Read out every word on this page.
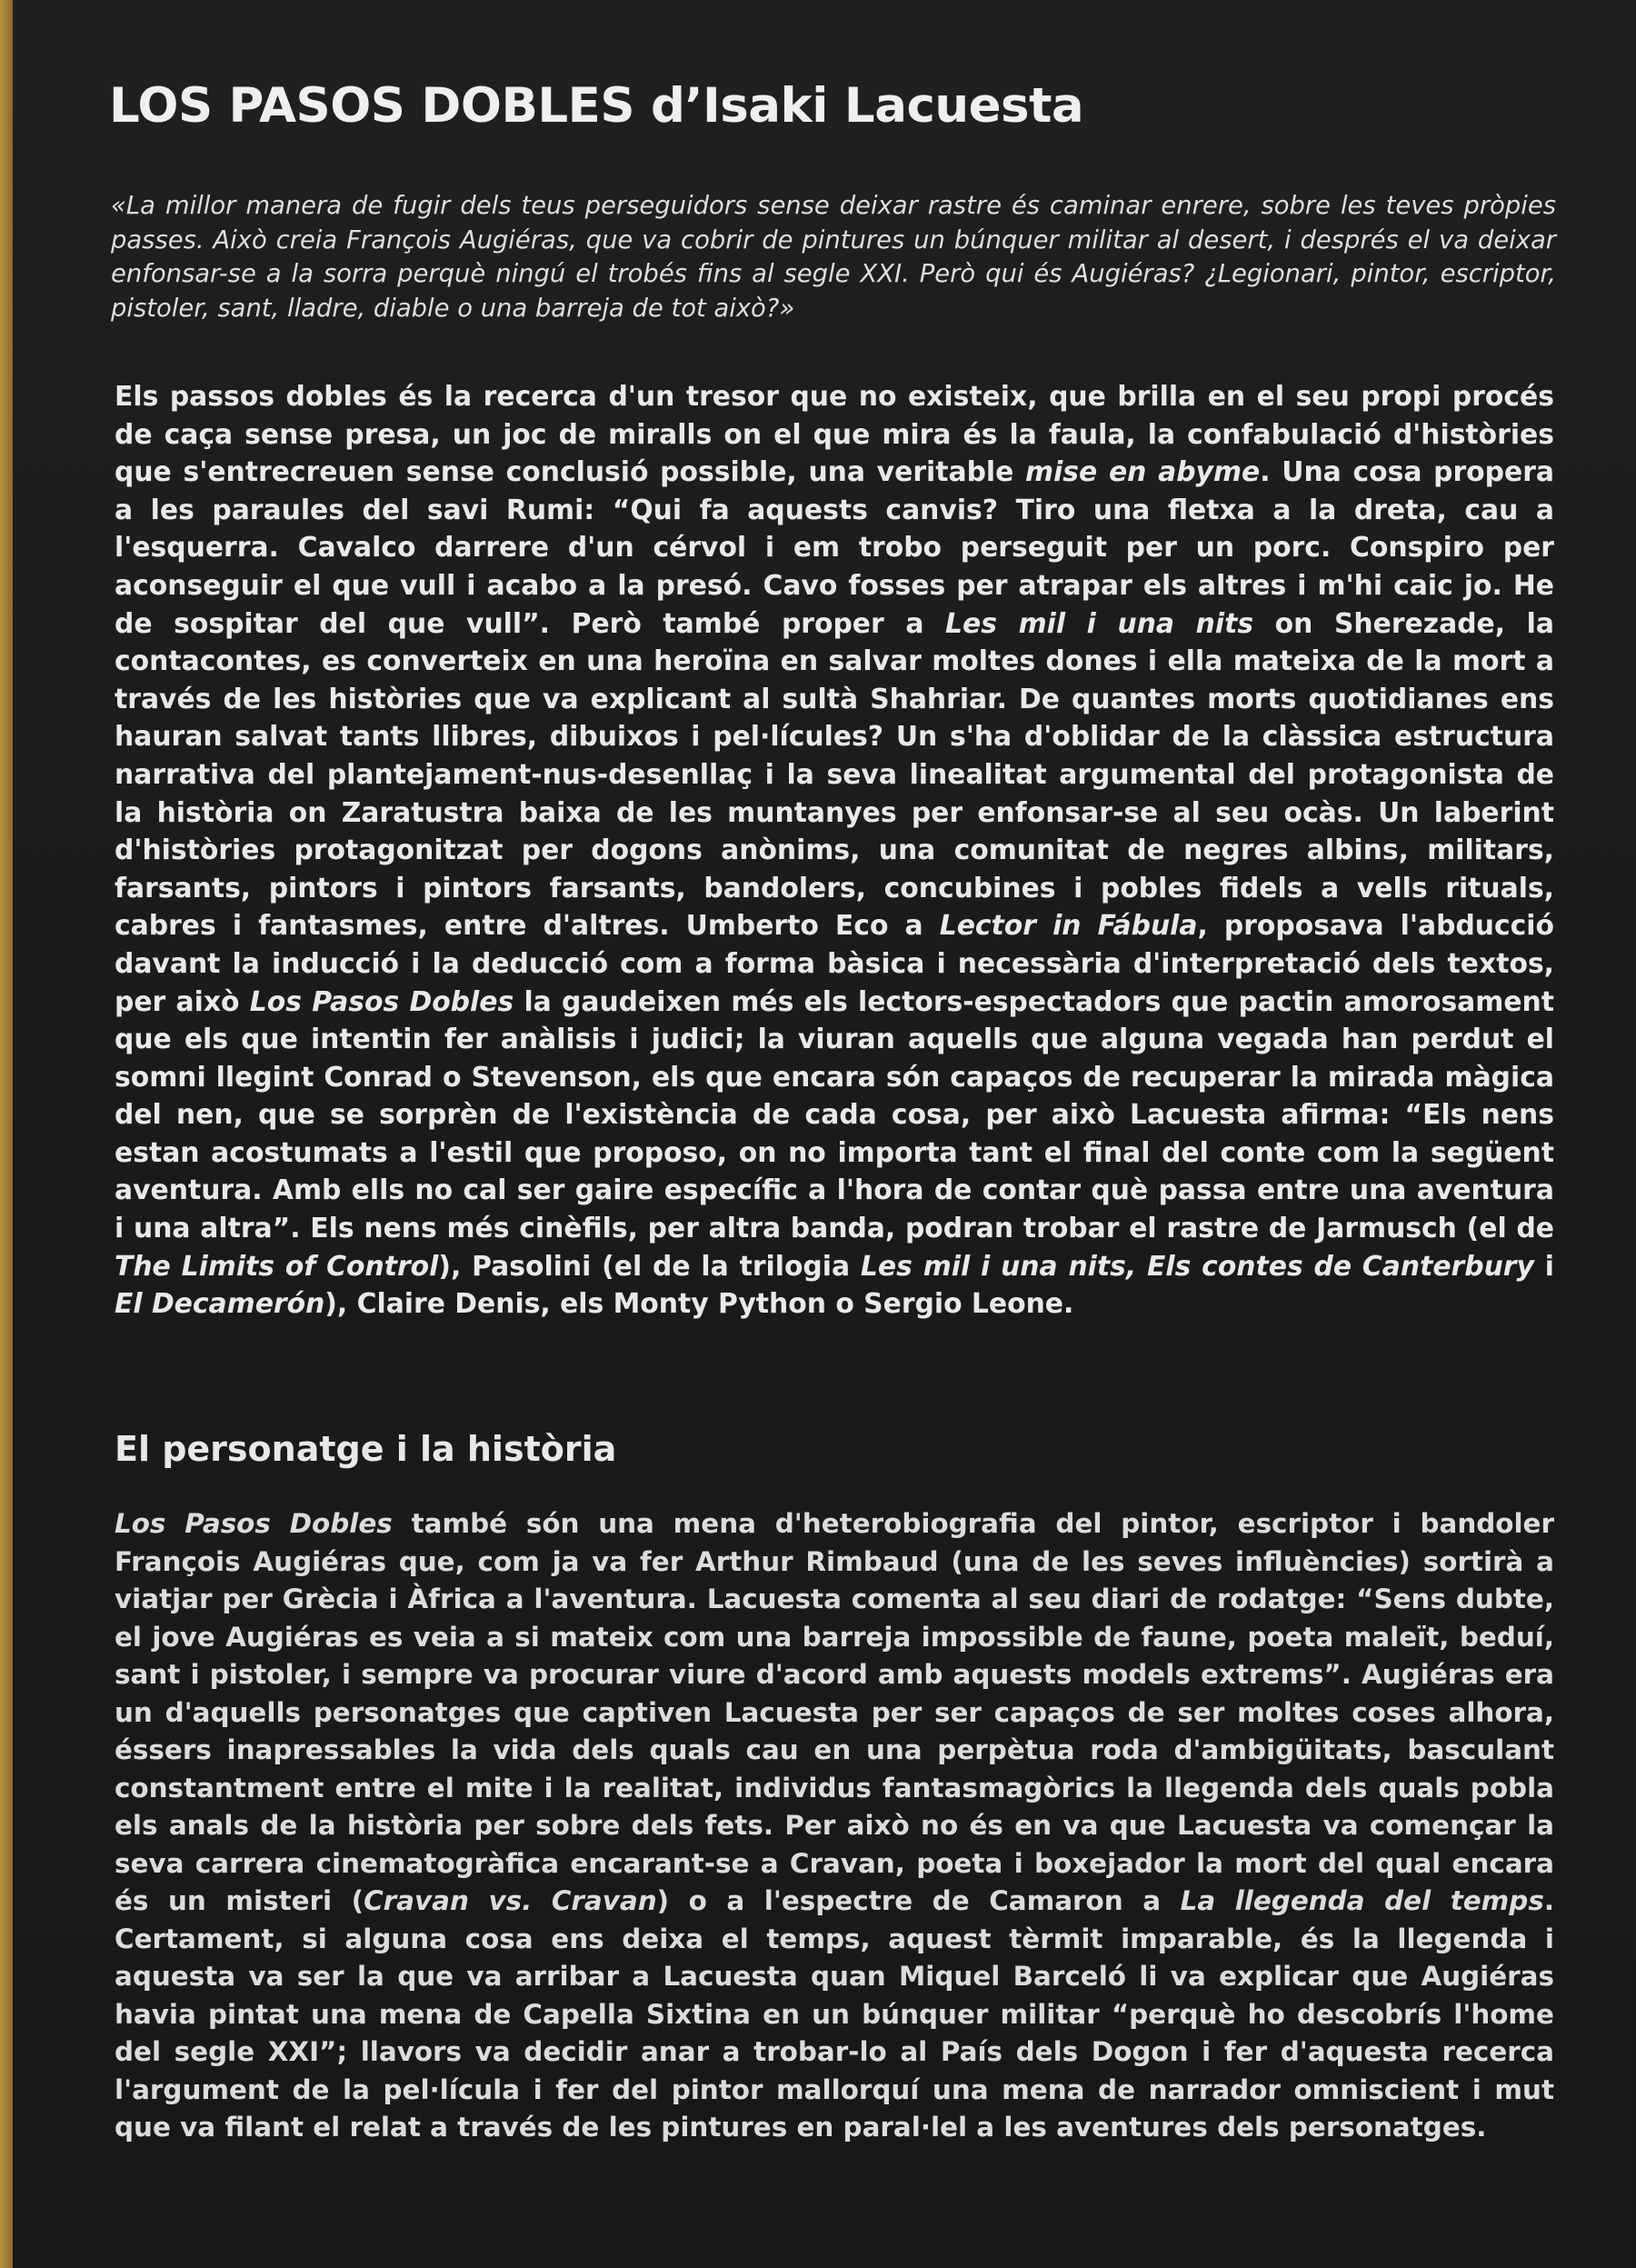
LOS PASOS DOBLES d’Isaki Lacuesta

«La millor manera de fugir dels teus perseguidors sense deixar rastre és caminar enrere, sobre les teves pròpies passes. Això creia François Augiéras, que va cobrir de pintures un búnquer militar al desert, i després el va deixar enfonsar-se a la sorra perquè ningú el trobés fins al segle XXI. Però qui és Augiéras? ¿Legionari, pintor, escriptor, pistoler, sant, lladre, diable o una barreja de tot això?»

Els passos dobles és la recerca d'un tresor que no existeix, que brilla en el seu propi procés de caça sense presa, un joc de miralls on el que mira és la faula, la confabulació d'històries que s'entrecreuen sense conclusió possible, una veritable mise en abyme. Una cosa propera a les paraules del savi Rumi: “Qui fa aquests canvis? Tiro una fletxa a la dreta, cau a l'esquerra. Cavalco darrere d'un cérvol i em trobo perseguit per un porc. Conspiro per aconseguir el que vull i acabo a la presó. Cavo fosses per atrapar els altres i m'hi caic jo. He de sospitar del que vull”. Però també proper a Les mil i una nits on Sherezade, la contacontes, es converteix en una heroïna en salvar moltes dones i ella mateixa de la mort a través de les històries que va explicant al sultà Shahriar. De quantes morts quotidianes ens hauran salvat tants llibres, dibuixos i pel·lícules? Un s'ha d'oblidar de la clàssica estructura narrativa del plantejament-nus-desenllaç i la seva linealitat argumental del protagonista de la història on Zaratustra baixa de les muntanyes per enfonsar-se al seu ocàs. Un laberint d'històries protagonitzat per dogons anònims, una comunitat de negres albins, militars, farsants, pintors i pintors farsants, bandolers, concubines i pobles fidels a vells rituals, cabres i fantasmes, entre d'altres. Umberto Eco a Lector in Fábula, proposava l'abducció davant la inducció i la deducció com a forma bàsica i necessària d'interpretació dels textos, per això Los Pasos Dobles la gaudeixen més els lectors-espectadors que pactin amorosament que els que intentin fer anàlisis i judici; la viuran aquells que alguna vegada han perdut el somni llegint Conrad o Stevenson, els que encara són capaços de recuperar la mirada màgica del nen, que se sorprèn de l'existència de cada cosa, per això Lacuesta afirma: “Els nens estan acostumats a l'estil que proposo, on no importa tant el final del conte com la següent aventura. Amb ells no cal ser gaire específic a l'hora de contar què passa entre una aventura i una altra”. Els nens més cinèfils, per altra banda, podran trobar el rastre de Jarmusch (el de The Limits of Control), Pasolini (el de la trilogia Les mil i una nits, Els contes de Canterbury i El Decamerón), Claire Denis, els Monty Python o Sergio Leone.

El personatge i la història

Los Pasos Dobles també són una mena d'heterobiografia del pintor, escriptor i bandoler François Augiéras que, com ja va fer Arthur Rimbaud (una de les seves influències) sortirà a viatjar per Grècia i Àfrica a l'aventura. Lacuesta comenta al seu diari de rodatge: “Sens dubte, el jove Augiéras es veia a si mateix com una barreja impossible de faune, poeta maleït, beduí, sant i pistoler, i sempre va procurar viure d'acord amb aquests models extrems”. Augiéras era un d'aquells personatges que captiven Lacuesta per ser capaços de ser moltes coses alhora, éssers inapressables la vida dels quals cau en una perpètua roda d'ambigüitats, basculant constantment entre el mite i la realitat, individus fantasmagòrics la llegenda dels quals pobla els anals de la història per sobre dels fets. Per això no és en va que Lacuesta va començar la seva carrera cinematogràfica encarant-se a Cravan, poeta i boxejador la mort del qual encara és un misteri (Cravan vs. Cravan) o a l'espectre de Camaron a La llegenda del temps. Certament, si alguna cosa ens deixa el temps, aquest tèrmit imparable, és la llegenda i aquesta va ser la que va arribar a Lacuesta quan Miquel Barceló li va explicar que Augiéras havia pintat una mena de Capella Sixtina en un búnquer militar “perquè ho descobrís l'home del segle XXI”; llavors va decidir anar a trobar-lo al País dels Dogon i fer d'aquesta recerca l'argument de la pel·lícula i fer del pintor mallorquí una mena de narrador omniscient i mut que va filant el relat a través de les pintures en paral·lel a les aventures dels personatges.
